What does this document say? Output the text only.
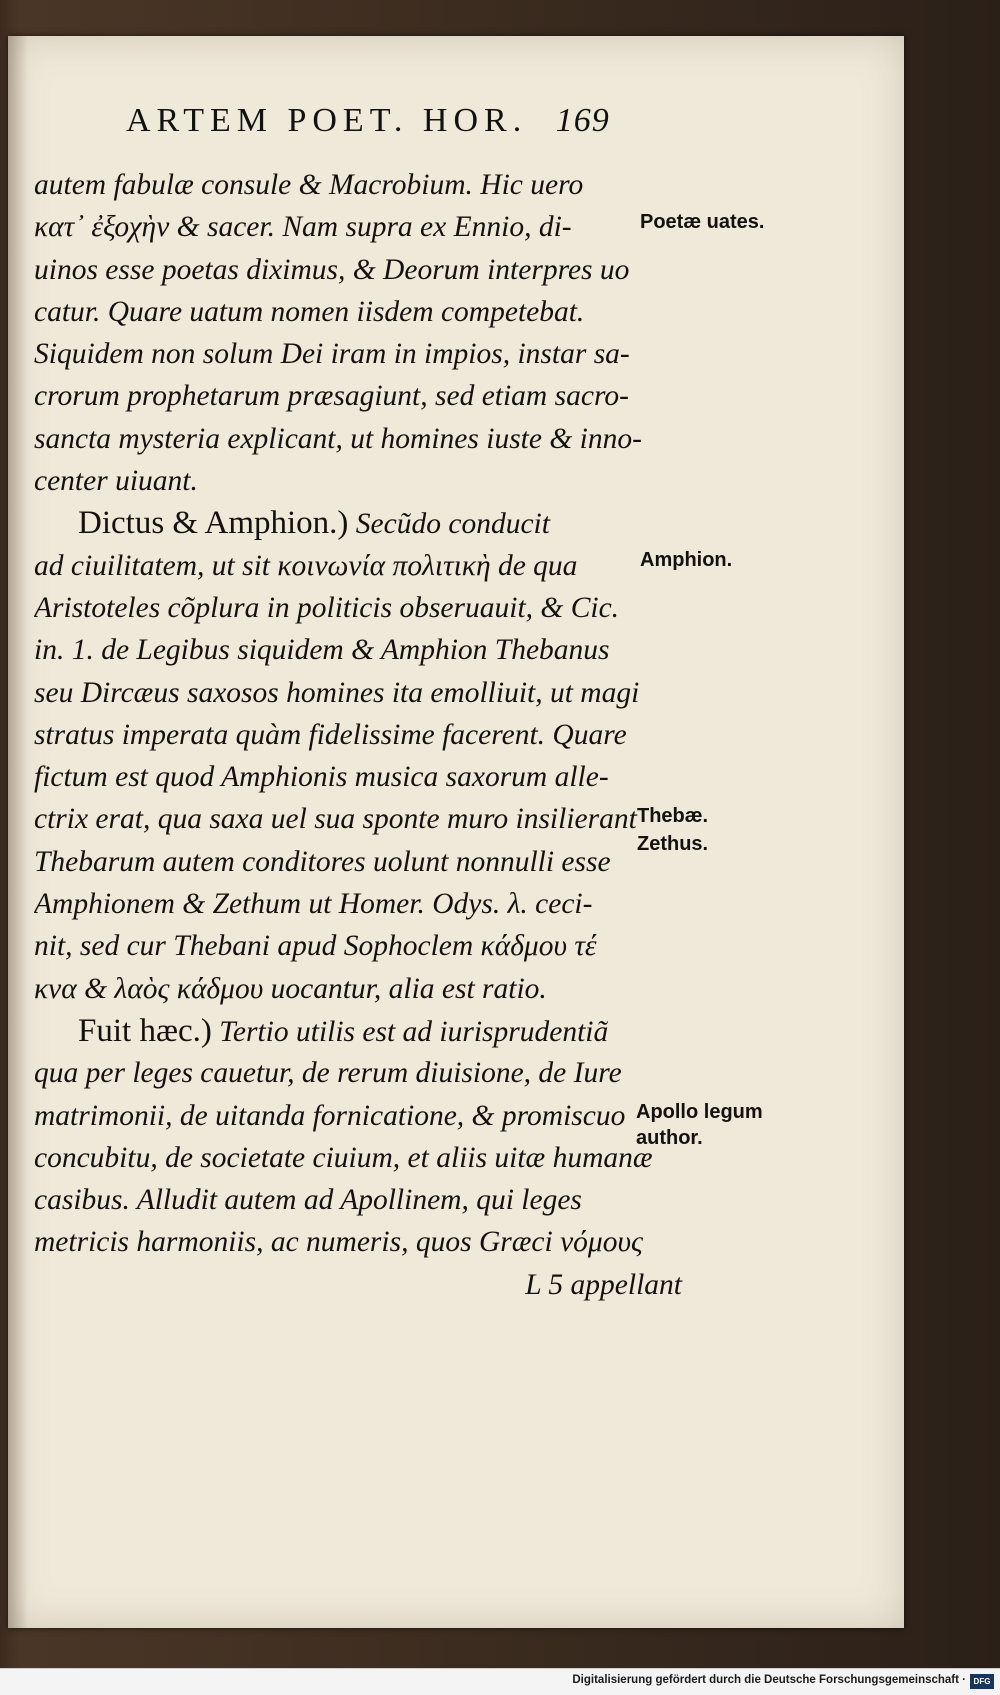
ARTEM POET. HOR. 169
autem fabulæ consule & Macrobium. Hic uero
κατ᾽ ἐξοχὴν & sacer. Nam supra ex Ennio, di-
uinos esse poetas diximus, & Deorum interpres uo
catur. Quare uatum nomen iisdem competebat.
Siquidem non solum Dei iram in impios, instar sa-
crorum prophetarum præsagiunt, sed etiam sacro-
sancta mysteria explicant, ut homines iuste & inno-
center uiuant.
Dictus & Amphion.) Secũdo conducit
ad ciuilitatem, ut sit κοινωνία πολιτικὴ de qua
Aristoteles cõplura in politicis obseruauit, & Cic.
in. 1. de Legibus siquidem & Amphion Thebanus
seu Dircæus saxosos homines ita emolliuit, ut magi
stratus imperata quàm fidelissime facerent. Quare
fictum est quod Amphionis musica saxorum alle-
ctrix erat, qua saxa uel sua sponte muro insilierant
Thebarum autem conditores uolunt nonnulli esse
Amphionem & Zethum ut Homer. Odys. λ. ceci-
nit, sed cur Thebani apud Sophoclem κάδμου τέ
κνα & λαὸς κάδμου uocantur, alia est ratio.
Fuit hæc.) Tertio utilis est ad iurisprudentiã
qua per leges cauetur, de rerum diuisione, de Iure
matrimonii, de uitanda fornicatione, & promiscuo
concubitu, de societate ciuium, et aliis uitæ humanæ
casibus. Alludit autem ad Apollinem, qui leges
metricis harmoniis, ac numeris, quos Græci νόμους
L 5 appellant
Poetæ uates.
Amphion.
Thebæ.
Zethus.
Apollo legum
author.
Digitalisierung gefördert durch die Deutsche Forschungsgemeinschaft · DFG
